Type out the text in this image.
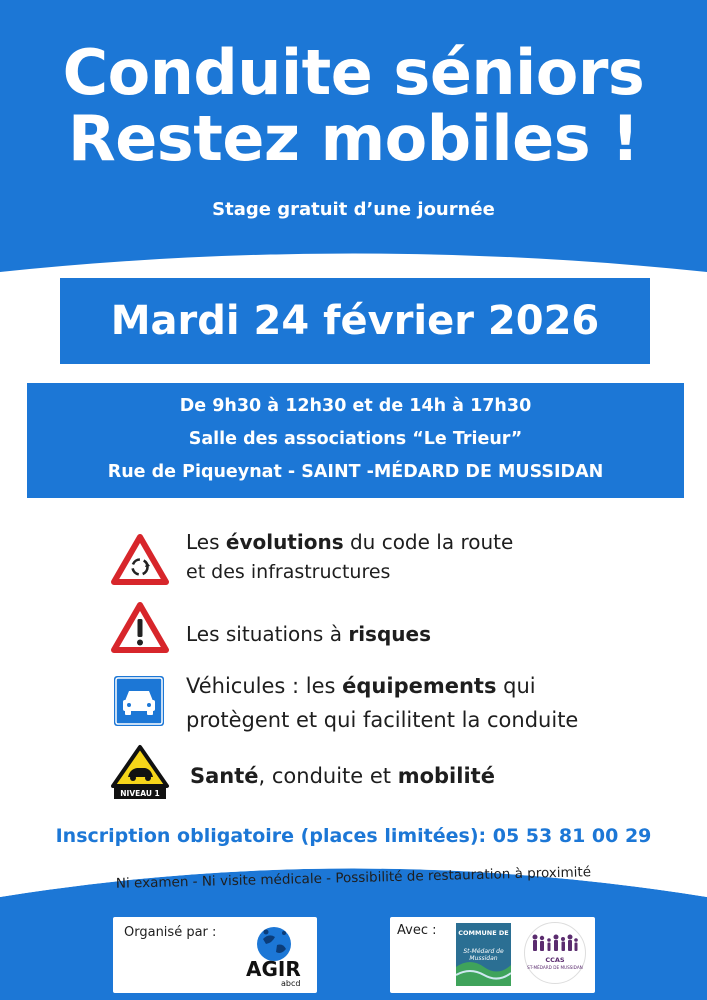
Conduite séniors
Restez mobiles !
Stage gratuit d’une journée
Mardi 24 février 2026
De 9h30 à 12h30 et de 14h à 17h30
Salle des associations “Le Trieur”
Rue de Piqueynat - SAINT -MÉDARD DE MUSSIDAN
Les évolutions du code la route
et des infrastructures
Les situations à risques
Véhicules : les équipements qui
protègent et qui facilitent la conduite
NIVEAU 1
Santé, conduite et mobilité
Inscription obligatoire (places limitées): 05 53 81 00 29
Ni examen - Ni visite médicale - Possibilité de restauration à proximité
Organisé par :
AGIR
abcd
Avec :	COMMUNE DE
St-Médard de Mussidan	CCAS
ST-MÉDARD DE MUSSIDAN
